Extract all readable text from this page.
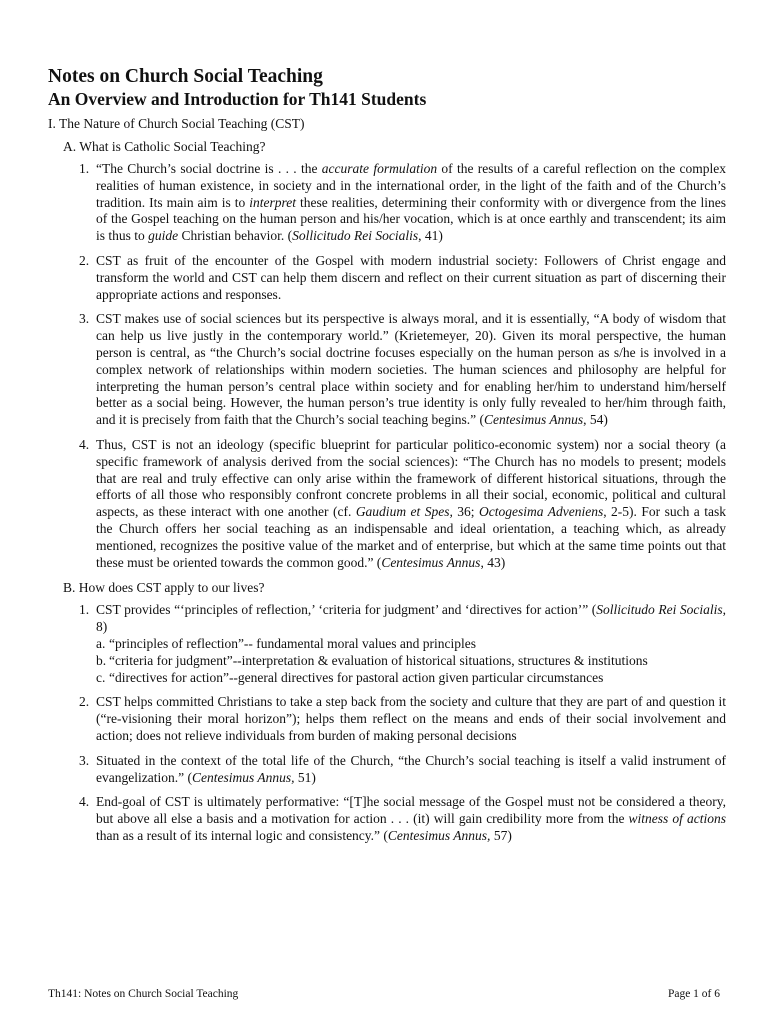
Notes on Church Social Teaching
An Overview and Introduction for Th141 Students
I. The Nature of Church Social Teaching (CST)
A. What is Catholic Social Teaching?
1. “The Church’s social doctrine is . . . the accurate formulation of the results of a careful reflection on the complex realities of human existence, in society and in the international order, in the light of the faith and of the Church’s tradition. Its main aim is to interpret these realities, determining their conformity with or divergence from the lines of the Gospel teaching on the human person and his/her vocation, which is at once earthly and transcendent; its aim is thus to guide Christian behavior. (Sollicitudo Rei Socialis, 41)
2. CST as fruit of the encounter of the Gospel with modern industrial society: Followers of Christ engage and transform the world and CST can help them discern and reflect on their current situation as part of discerning their appropriate actions and responses.
3. CST makes use of social sciences but its perspective is always moral, and it is essentially, “A body of wisdom that can help us live justly in the contemporary world.” (Krietemeyer, 20). Given its moral perspective, the human person is central, as “the Church’s social doctrine focuses especially on the human person as s/he is involved in a complex network of relationships within modern societies. The human sciences and philosophy are helpful for interpreting the human person’s central place within society and for enabling her/him to understand him/herself better as a social being. However, the human person’s true identity is only fully revealed to her/him through faith, and it is precisely from faith that the Church’s social teaching begins.” (Centesimus Annus, 54)
4. Thus, CST is not an ideology (specific blueprint for particular politico-economic system) nor a social theory (a specific framework of analysis derived from the social sciences): “The Church has no models to present; models that are real and truly effective can only arise within the framework of different historical situations, through the efforts of all those who responsibly confront concrete problems in all their social, economic, political and cultural aspects, as these interact with one another (cf. Gaudium et Spes, 36; Octogesima Adveniens, 2-5). For such a task the Church offers her social teaching as an indispensable and ideal orientation, a teaching which, as already mentioned, recognizes the positive value of the market and of enterprise, but which at the same time points out that these must be oriented towards the common good.” (Centesimus Annus, 43)
B. How does CST apply to our lives?
1. CST provides “‘principles of reflection,’ ‘criteria for judgment’ and ‘directives for action’” (Sollicitudo Rei Socialis, 8)
a. “principles of reflection”-- fundamental moral values and principles
b. “criteria for judgment”--interpretation & evaluation of historical situations, structures & institutions
c. “directives for action”--general directives for pastoral action given particular circumstances
2. CST helps committed Christians to take a step back from the society and culture that they are part of and question it (“re-visioning their moral horizon”); helps them reflect on the means and ends of their social involvement and action; does not relieve individuals from burden of making personal decisions
3. Situated in the context of the total life of the Church, “the Church’s social teaching is itself a valid instrument of evangelization.” (Centesimus Annus, 51)
4. End-goal of CST is ultimately performative: “[T]he social message of the Gospel must not be considered a theory, but above all else a basis and a motivation for action . . . (it) will gain credibility more from the witness of actions than as a result of its internal logic and consistency.” (Centesimus Annus, 57)
Th141: Notes on Church Social Teaching	Page 1 of 6
